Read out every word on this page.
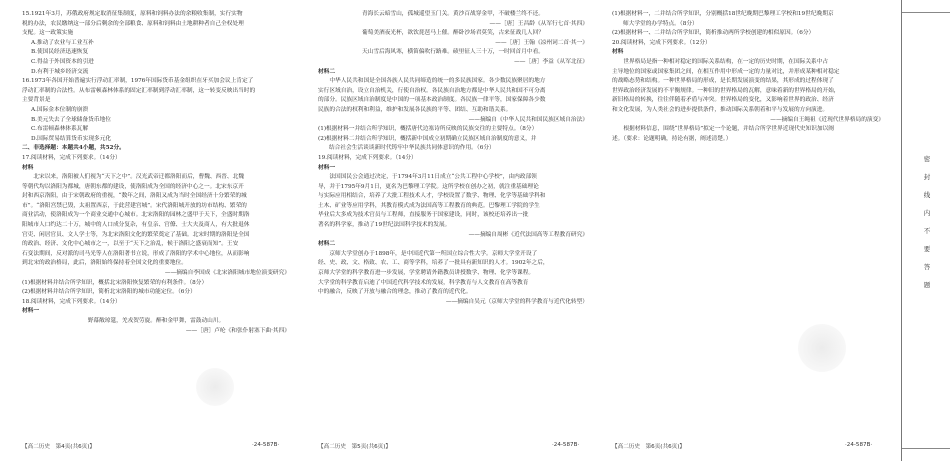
15.1921年3月，苏俄政府规定取消征集制度，原料和饲料办法的余粮收集制，实行实物
税的办法，农民缴纳这一部分后剩余的全部粮食、原料和饲料由土地耕种者自己全权处理
支配。这一政策实施
A.推动了农业与工业互补
B.使国民经济迅速恢复
C.得益于外国资本的引进
D.有利于城乡经济交流
16.1973年各国开始普遍实行浮动汇率制，1976年国际货币基金组织在牙买加会议上肯定了
浮动汇率制的合法性。从布雷顿森林体系的固定汇率制到浮动汇率制，这一转变反映出当时的
主要背景是
A.国际金本位制的崩溃
B.美元失去了全球储备货币地位
C.布雷顿森林体系瓦解
D.国际贸易结算货币实现多元化
二、非选择题：本题共4小题，共52分。
17.阅读材料，完成下列要求。（14分）
材料
　　北宋以来，洛阳被人们视为“天下之中”。汉光武帝迁都洛阳而后，曹魏、西晋、北魏
等朝代均以洛阳为都城，唐朝东都的建设，使洛阳成为全国的经济中心之一。北宋东京开
封和西京洛阳，由于宋朝政府的重视，“数年之间，洛阳又成为当时全国经济十分繁荣的城
市”。“洛阳宫禁已毁，太祖置西京，于此营建宫城”。宋代洛阳城开放的坊市结构、繁荣的
商业活动，使洛阳成为一个商业交通中心城市。北宋洛阳的园林之盛甲于天下，全盛时期洛
阳城市人口约达二十万，城中的人口成分复杂，有皇亲、官僚、士大夫及商人，有大批退休
官吏、闲居官员、文人学士等，为北宋洛阳文化的繁荣奠定了基础。北宋时期的洛阳是全国
的政治、经济、文化中心城市之一，以至于“天下之治乱，候于洛阳之盛衰而知”。王安
石变法期间，反对派的司马光等人在洛阳著书立说，形成了洛阳的学术中心地位，从而影响
到北宋的政治格局，此后，洛阳始终保持着全国文化的重要地位。
——摘编自李国成《北宋洛阳城市地位演变研究》
(1)根据材料并结合所学知识，概括北宋洛阳恢复繁荣的有利条件。（8分）
(2)根据材料并结合所学知识，简析北宋洛阳的城市功能定位。（6分）
18.阅读材料，完成下列要求。（14分）
材料一
野幕敞琼筵，羌戎贺劳旋。醉和金甲舞，雷鼓动山川。
——［唐］卢纶《和张仆射塞下曲·其四》
青海长云暗雪山，孤城遥望玉门关。黄沙百战穿金甲，不破楼兰终不还。
——［唐］王昌龄《从军行七首·其四》
葡萄美酒夜光杯，欲饮琵琶马上催。醉卧沙场君莫笑，古来征战几人回？
——［唐］王翰《凉州词二首·其一》
天山雪后海风寒，横笛偏吹行路难。碛里征人三十万，一时回首月中看。
——［唐］李益《从军北征》
材料二
　　中华人民共和国是全国各族人民共同缔造的统一的多民族国家。各少数民族聚居的地方
实行区域自治，设立自治机关，行使自治权。各民族自治地方都是中华人民共和国不可分离
的部分。民族区域自治制度是中国的一项基本政治制度。各民族一律平等，国家保障各少数
民族的合法的权利和利益，维护和发展各民族的平等、团结、互助和谐关系。
——摘编自《中华人民共和国民族区域自治法》
(1)根据材料一并结合所学知识，概括唐代边塞诗所反映的民族交往的主要特点。（8分）
(2)根据材料二并结合所学知识，概括新中国成立初期确立民族区域自治制度的意义，并
结合社会生活谈谈新时代铸牢中华民族共同体意识的作用。（6分）
19.阅读材料，完成下列要求。（14分）
材料一
　　法国国民公会通过决定，于1794年3月11日成立“公共工程中心学校”，由内政部领
导，并于1795年9月1日，更名为巴黎理工学院。这所学校在创办之初，就注重基础理论
与实际应用相结合，培养了大批工程技术人才，学校设置了数学、物理、化学等基础学科和
土木、矿业等应用学科，其教育模式成为法国高等工程教育的典范。巴黎理工学院的学生
毕业后大多成为技术官员与工程师，直接服务于国家建设，同时，该校还培养出一批
著名的科学家，推动了19世纪法国科学技术的发展。
——摘编自周彬《近代法国高等工程教育研究》
材料二
　　京师大学堂创办于1898年，是中国近代第一所国立综合性大学。京师大学堂开设了
经、史、政、文、格致、农、工、商等学科，培养了一批具有新知识的人才。1902年之后，
京师大学堂的科学教育进一步发展，学堂聘请外籍教员讲授数学、物理、化学等课程。
大学堂的科学教育启迪了中国近代科学技术的发展，科学教育与人文教育在高等教育
中的融合，反映了开放与融合的理念，推动了教育的近代化。
——摘编自吴元（京师大学堂的科学教育与近代化转型）
(1)根据材料一，二并结合所学知识，分别概括18世纪晚期巴黎理工学校和19世纪晚期京
师大学堂的办学特点。（8分）
(2)根据材料一、二并结合所学知识，简析推动两所学校创建的相似原因。（6分）
20.阅读材料，完成下列要求。（12分）
材料
　　世界格局是指一种相对稳定的国际关系结构，在一定的历史时期，在国际关系中占
主导地位的国家或国家集团之间，在相互作用中形成一定的力量对比，并形成某种相对稳定
的战略态势和结构。一种世界格局的形成，是长期发展演变的结果，其形成的过程体现了
世界政治经济发展的不平衡规律。一种旧的世界格局的瓦解，意味着新的世界格局的开始，
新旧格局的转换，往往伴随着矛盾与冲突。世界格局的变化，又影响着世界的政治、经济
和文化发展，为人类社会的进步提供条件，推动国际关系朝着和平与发展的方向演进。
——摘编自王绳祖《近现代世界格局的演变》
　　根据材料信息，围绕“世界格局”拟定一个论题，并结合所学世界近现代史知识加以阐
述。（要求：论题明确，持论有据，阐述清楚。）
【高二历史　第4页(共6页)】	·24-587B·	【高二历史　第5页(共6页)】	·24-587B·	【高二历史　第6页(共6页)】	·24-587B·
密
封
线
内
不
要
答
题
